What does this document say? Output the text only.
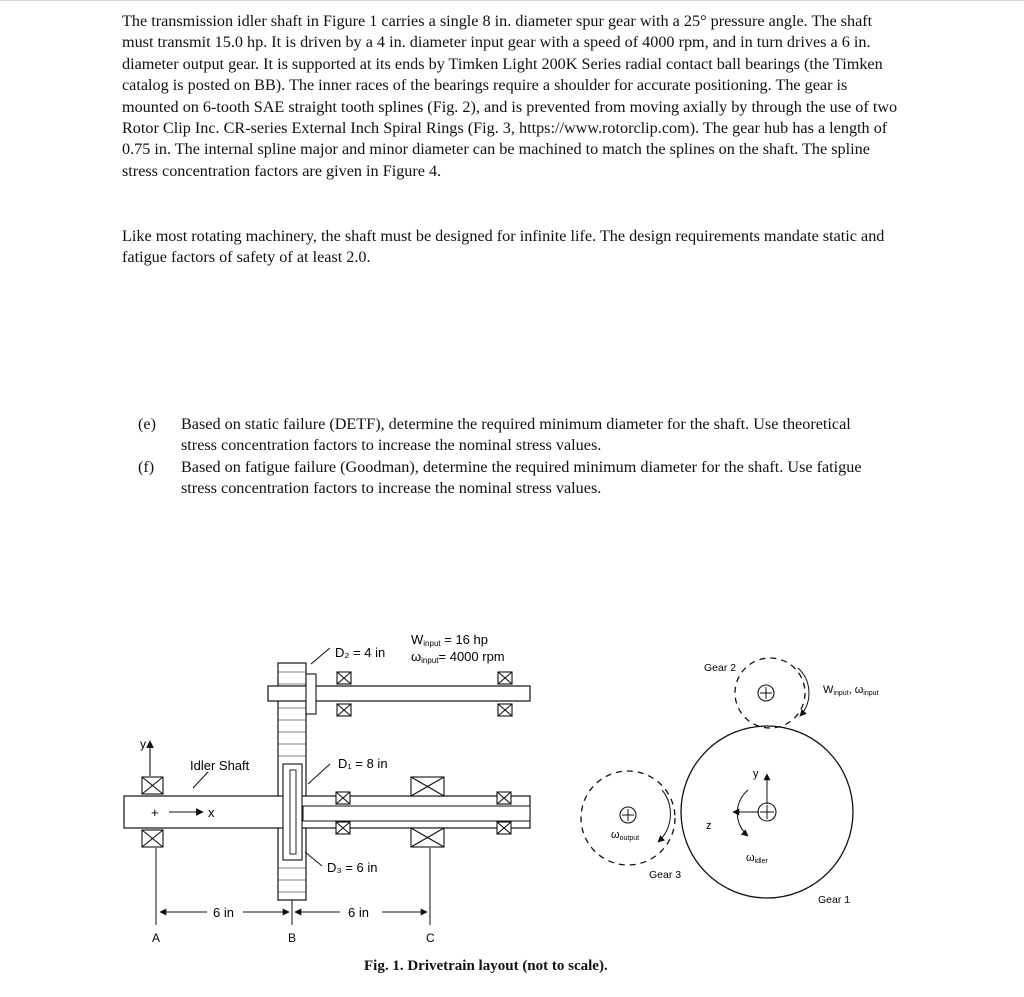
The transmission idler shaft in Figure 1 carries a single 8 in. diameter spur gear with a 25° pressure angle. The shaft must transmit 15.0 hp. It is driven by a 4 in. diameter input gear with a speed of 4000 rpm, and in turn drives a 6 in. diameter output gear. It is supported at its ends by Timken Light 200K Series radial contact ball bearings (the Timken catalog is posted on BB). The inner races of the bearings require a shoulder for accurate positioning. The gear is mounted on 6-tooth SAE straight tooth splines (Fig. 2), and is prevented from moving axially by through the use of two Rotor Clip Inc. CR-series External Inch Spiral Rings (Fig. 3, https://www.rotorclip.com). The gear hub has a length of 0.75 in. The internal spline major and minor diameter can be machined to match the splines on the shaft. The spline stress concentration factors are given in Figure 4.

Like most rotating machinery, the shaft must be designed for infinite life. The design requirements mandate static and fatigue factors of safety of at least 2.0.

(e) Based on static failure (DETF), determine the required minimum diameter for the shaft. Use theoretical stress concentration factors to increase the nominal stress values.
(f) Based on fatigue failure (Goodman), determine the required minimum diameter for the shaft. Use fatigue stress concentration factors to increase the nominal stress values.
Winput = 16 hp
ωinput= 4000 rpm
D₂ = 4 in
D₁ = 8 in
D₃ = 6 in
Idler Shaft
y
+	x
6 in	6 in
A	B	C
ωoutput
Gear 3
Gear 2
Winput, ωinput
y
z
ωidler
Gear 1
Fig. 1. Drivetrain layout (not to scale).
